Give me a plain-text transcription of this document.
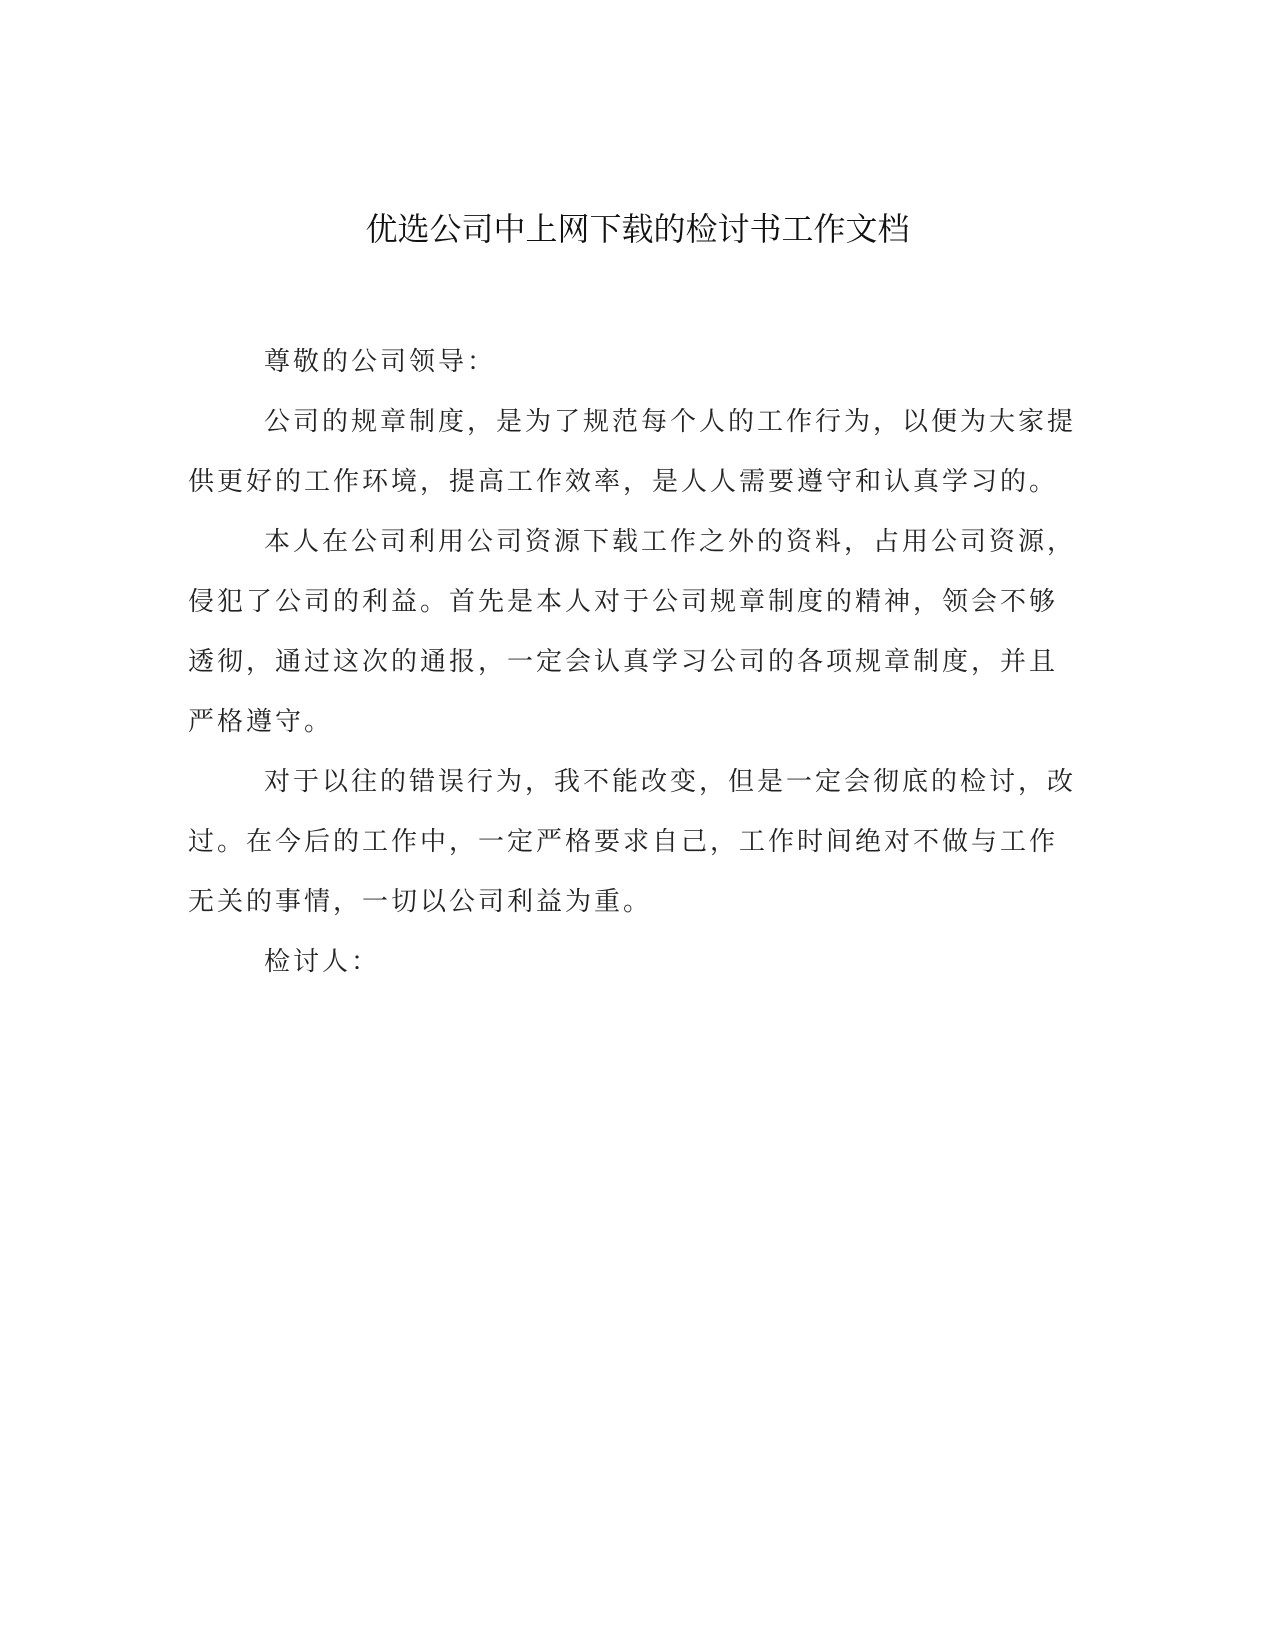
优选公司中上网下载的检讨书工作文档
尊敬的公司领导：
公司的规章制度，是为了规范每个人的工作行为，以便为大家提
供更好的工作环境，提高工作效率，是人人需要遵守和认真学习的。
本人在公司利用公司资源下载工作之外的资料，占用公司资源，
侵犯了公司的利益。首先是本人对于公司规章制度的精神，领会不够
透彻，通过这次的通报，一定会认真学习公司的各项规章制度，并且
严格遵守。
对于以往的错误行为，我不能改变，但是一定会彻底的检讨，改
过。在今后的工作中，一定严格要求自己，工作时间绝对不做与工作
无关的事情，一切以公司利益为重。
检讨人：
